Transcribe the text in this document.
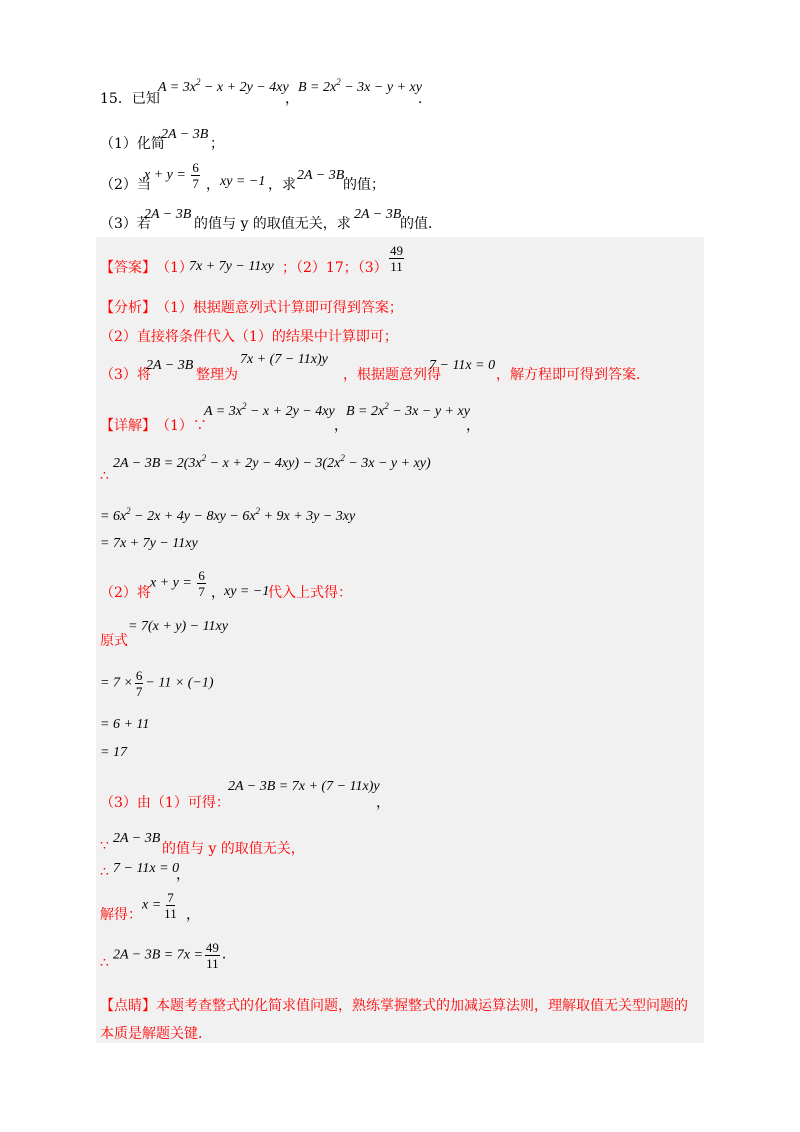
15．已知
$A = 3x^2 - x + 2y - 4xy$
，
$B = 2x^2 - 3x - y$ + xy
．
（1）化简
2A − 3B
；
（2）当
$x + y = \frac{6}{7}$ ， xy = −1 ，求
2A − 3B
的值；
（3）若
2A − 3B
的值与 y 的取值无关，求
2A − 3B
的值．
【答案】 （1）
7x + 7y − 11xy ；（2）17；$(3) \frac{49}{11}$
【分析】 （1）根据题意列式计算即可得到答案；
（2）直接将条件代入（1）的结果中计算即可；
（3）将
2A − 3B
整理为
7x + (7 − 11x)y
，根据题意列得
7 − 11x = 0
，解方程即可得到答案．
【详解】 （1）∵
$A = 3x^2 - x + 2y - 4xy$
，
$B = 2x^2 - 3x - y$ + xy
，
∴
$2A - 3B = 2(3x^2 - x + 2y - 4xy) - 3(2x^2 - 3x - y + xy)$
= $6x^2 - 2x + 4y - 8xy - 6x^2 + 9x + 3y - 3xy$
= 7x + 7y − 11xy
（2）将
$x + y = \frac{6}{7}$ ， xy = −1
代入上式得：
原式
= 7(x + y) − 11xy
= $7 \times \frac{6}{7} - 11 \times (-1)$
= 6 + 11
= 17
（3）由（1）可得：
2A − 3B = 7x + (7 − 11x)y
，
∵ 2A − 3B
的值与 y 的取值无关，
∴ 7 − 11x = 0
，
解得：
$x = \frac{7}{11}$ ，
∴ $2A - 3B = 7x = \frac{49}{11}$ ．
【点睛】 本题考查整式的化简求值问题，熟练掌握整式的加减运算法则，理解取值无关型问题的
本质是解题关键．
